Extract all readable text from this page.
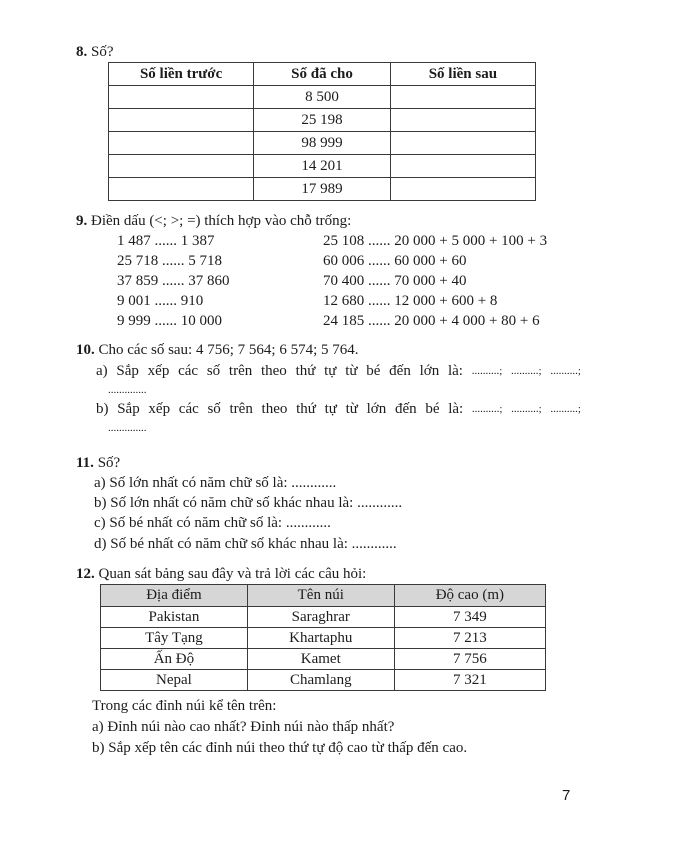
8. Số?
Số liền trước	Số đã cho	Số liền sau
	8 500	
	25 198	
	98 999	
	14 201	
	17 989	
9. Điền dấu (<; >; =) thích hợp vào chỗ trống:
1 487 ...... 1 387
25 718 ...... 5 718
37 859 ...... 37 860
9 001 ...... 910
9 999 ...... 10 000
25 108 ...... 20 000 + 5 000 + 100 + 3
60 006 ...... 60 000 + 60
70 400 ...... 70 000 + 40
12 680 ...... 12 000 + 600 + 8
24 185 ...... 20 000 + 4 000 + 80 + 6
10. Cho các số sau: 4 756; 7 564; 6 574; 5 764.
a) Sắp xếp các số trên theo thứ tự từ bé đến lớn là: ..........; ..........; ..........;
..............
b) Sắp xếp các số trên theo thứ tự từ lớn đến bé là: ..........; ..........; ..........;
..............
11. Số?
a) Số lớn nhất có năm chữ số là: ............
b) Số lớn nhất có năm chữ số khác nhau là: ............
c) Số bé nhất có năm chữ số là: ............
d) Số bé nhất có năm chữ số khác nhau là: ............
12. Quan sát bảng sau đây và trả lời các câu hỏi:
Địa điểm	Tên núi	Độ cao (m)
Pakistan	Saraghrar	7 349
Tây Tạng	Khartaphu	7 213
Ấn Độ	Kamet	7 756
Nepal	Chamlang	7 321
Trong các đỉnh núi kể tên trên:
a) Đỉnh núi nào cao nhất? Đỉnh núi nào thấp nhất?
b) Sắp xếp tên các đỉnh núi theo thứ tự độ cao từ thấp đến cao.
7
